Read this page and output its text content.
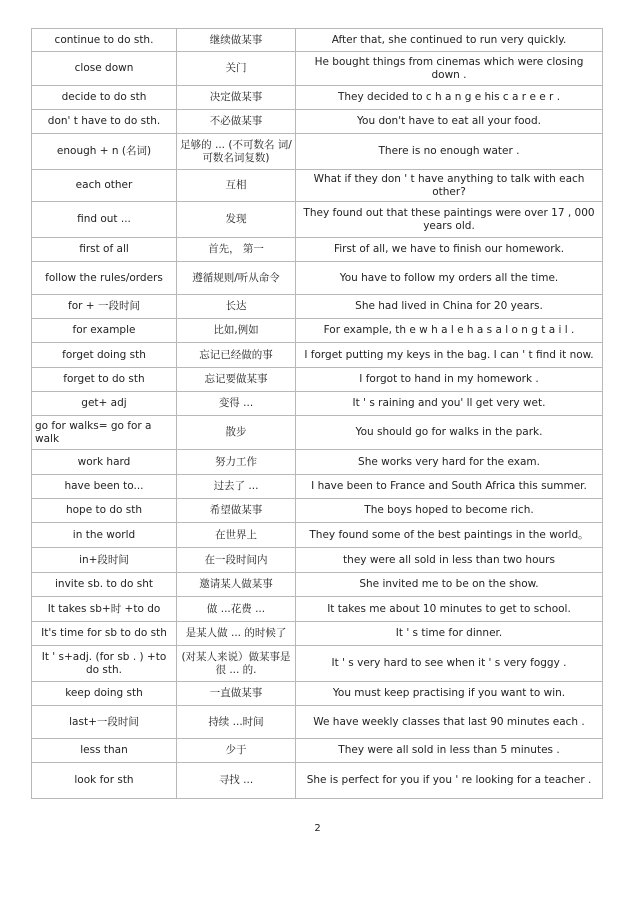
continue to do sth.	继续做某事	After that, she continued to run very quickly.
close down	关门	He bought things from cinemas which were closing down .
decide to do sth	决定做某事	They decided to c h a n g e his c a r e e r .
don' t have to do sth.	不必做某事	You don't have to eat all your food.
enough + n (名词)	足够的 ... (不可数名 词/可数名词复数)	There is no enough water .
each other	互相	What if they don ' t have anything to talk with each other?
find out ...	发现	They found out that these paintings were over 17 , 000 years old.
first of all	首先， 第一	First of all, we have to finish our homework.
follow the rules/orders	遵循规则/听从命令	You have to follow my orders all the time.
for + 一段时间	长达	She had lived in China for 20 years.
for example	比如,例如	For example, th e w h a l e h a s a l o n g t a i l .
forget doing sth	忘记已经做的事	I forget putting my keys in the bag. I can ' t find it now.
forget to do sth	忘记要做某事	I forgot to hand in my homework .
get+ adj	变得 ...	It ' s raining and you' ll get very wet.
go for walks= go for a walk	散步	You should go for walks in the park.
work hard	努力工作	She works very hard for the exam.
have been to...	过去了 ...	I have been to France and South Africa this summer.
hope to do sth	希望做某事	The boys hoped to become rich.
in the world	在世界上	They found some of the best paintings in the world。
in+段时间	在一段时间内	they were all sold in less than two hours
invite sb. to do sht	邀请某人做某事	She invited me to be on the show.
It takes sb+时 +to do	做 ...花费 ...	It takes me about 10 minutes to get to school.
It's time for sb to do sth	是某人做 ... 的时候了	It ' s time for dinner.
It ' s+adj. (for sb . ) +to do sth.	(对某人来说）做某事是很 ... 的.	It ' s very hard to see when it ' s very foggy .
keep doing sth	一直做某事	You must keep practising if you want to win.
last+一段时间	持续 ...时间	We have weekly classes that last 90 minutes each .
less than	少于	They were all sold in less than 5 minutes .
look for sth	寻找 ...	She is perfect for you if you ' re looking for a teacher .
2
